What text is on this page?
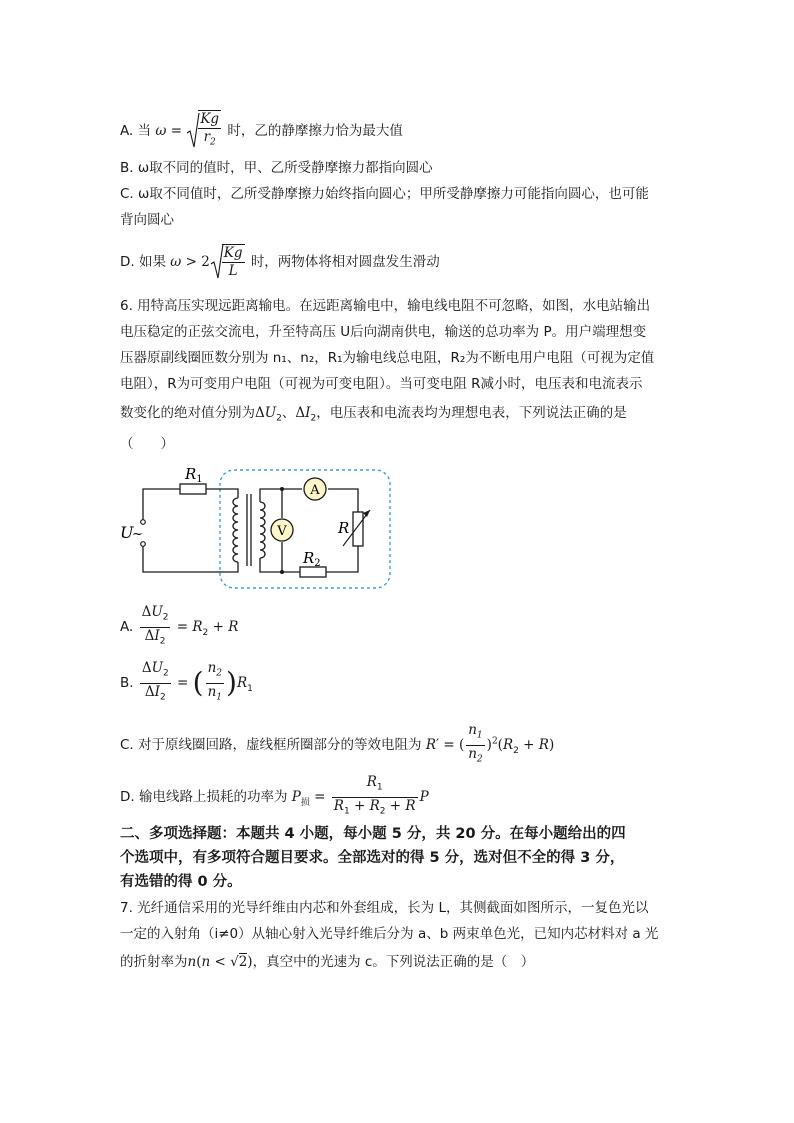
A. 当 $\omega = \frac{Kg}{r_2}$ 时，乙的静摩擦力恰为最大值
B. ω取不同的值时，甲、乙所受静摩擦力都指向圆心
C. ω取不同值时，乙所受静摩擦力始终指向圆心；甲所受静摩擦力可能指向圆心，也可能
背向圆心
D. 如果 $\omega > 2 \frac{Kg}{L}$ 时，两物体将相对圆盘发生滑动
6. 用特高压实现远距离输电。在远距离输电中，输电线电阻不可忽略，如图，水电站输出
电压稳定的正弦交流电，升至特高压 U后向湖南供电，输送的总功率为 P。用户端理想变
压器原副线圈匝数分别为 n₁、n₂，R₁为输电线总电阻，R₂为不断电用户电阻（可视为定值
电阻），R为可变用户电阻（可视为可变电阻）。当可变电阻 R减小时，电压表和电流表示
数变化的绝对值分别为$\Delta U_2$、$\Delta I_2$，电压表和电流表均为理想电表，下列说法正确的是
（　　）
A
V
$R_1$
$R_2$
R
U
~
A. $\frac{\Delta U_2}{\Delta I_2} = R_2 + R$
B. $\frac{\Delta U_2}{\Delta I_2}$ = ( $\frac{n_2}{n_1} )R_1$
C. 对于原线圈回路，虚线框所圈部分的等效电阻为 R′ = ( $\frac{n_1}{n_2} )^2(R_2 + R)$
D. 输电线路上损耗的功率为 $P_损 = \frac{R_1}{R_1 + R_2 + R}$ P
二、多项选择题：本题共 4 小题，每小题 5 分，共 20 分。在每小题给出的四
个选项中，有多项符合题目要求。全部选对的得 5 分，选对但不全的得 3 分，
有选错的得 0 分。
7. 光纤通信采用的光导纤维由内芯和外套组成，长为 L，其侧截面如图所示，一复色光以
一定的入射角（i≠0）从轴心射入光导纤维后分为 a、b 两束单色光，已知内芯材料对 a 光
的折射率为n(n < √2)，真空中的光速为 c。下列说法正确的是（　）
